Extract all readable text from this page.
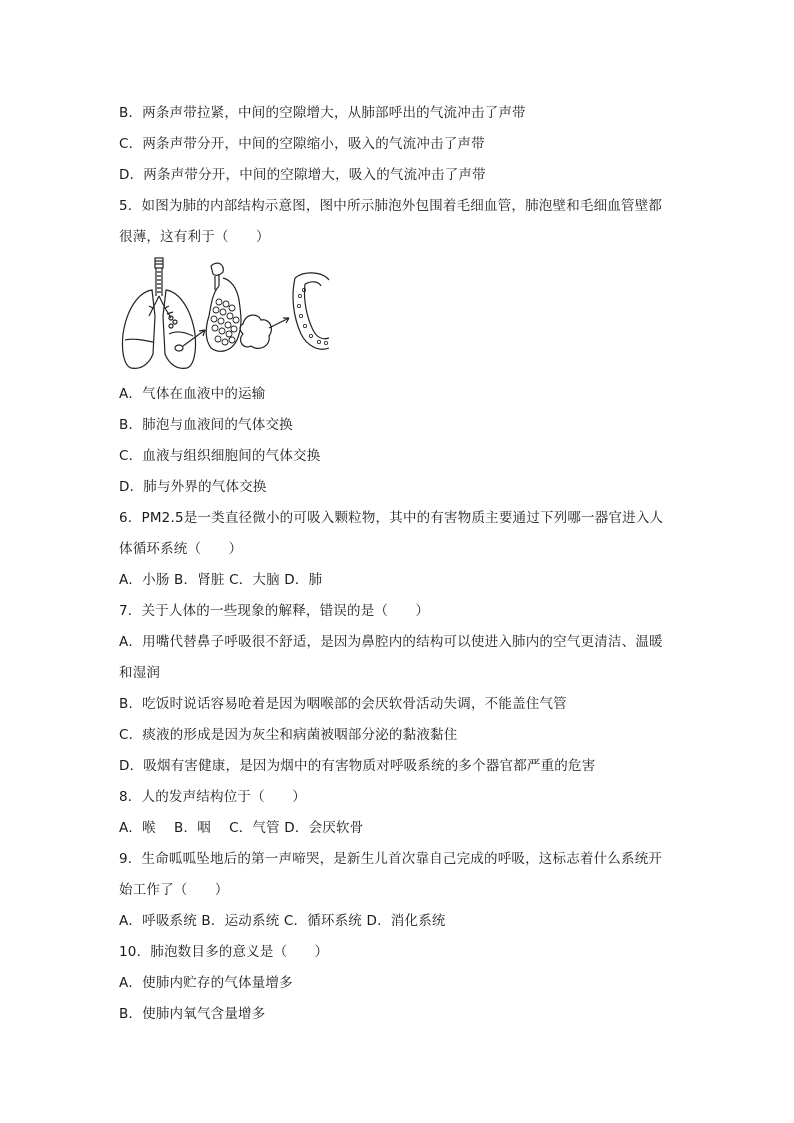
B．两条声带拉紧，中间的空隙增大，从肺部呼出的气流冲击了声带
C．两条声带分开，中间的空隙缩小，吸入的气流冲击了声带
D．两条声带分开，中间的空隙增大，吸入的气流冲击了声带
5．如图为肺的内部结构示意图，图中所示肺泡外包围着毛细血管，肺泡壁和毛细血管壁都
很薄，这有利于（　　）
A．气体在血液中的运输
B．肺泡与血液间的气体交换
C．血液与组织细胞间的气体交换
D．肺与外界的气体交换
6．PM2.5是一类直径微小的可吸入颗粒物，其中的有害物质主要通过下列哪一器官进入人
体循环系统（　　）
A．小肠 B．肾脏 C．大脑 D．肺
7．关于人体的一些现象的解释，错误的是（　　）
A．用嘴代替鼻子呼吸很不舒适，是因为鼻腔内的结构可以使进入肺内的空气更清洁、温暖
和湿润
B．吃饭时说话容易呛着是因为咽喉部的会厌软骨活动失调，不能盖住气管
C．痰液的形成是因为灰尘和病菌被咽部分泌的黏液黏住
D．吸烟有害健康，是因为烟中的有害物质对呼吸系统的多个器官都严重的危害
8．人的发声结构位于（　　）
A．喉　 B．咽　 C．气管 D．会厌软骨
9．生命呱呱坠地后的第一声啼哭，是新生儿首次靠自己完成的呼吸，这标志着什么系统开
始工作了（　　）
A．呼吸系统 B．运动系统 C．循环系统 D．消化系统
10．肺泡数目多的意义是（　　）
A．使肺内贮存的气体量增多
B．使肺内氧气含量增多
